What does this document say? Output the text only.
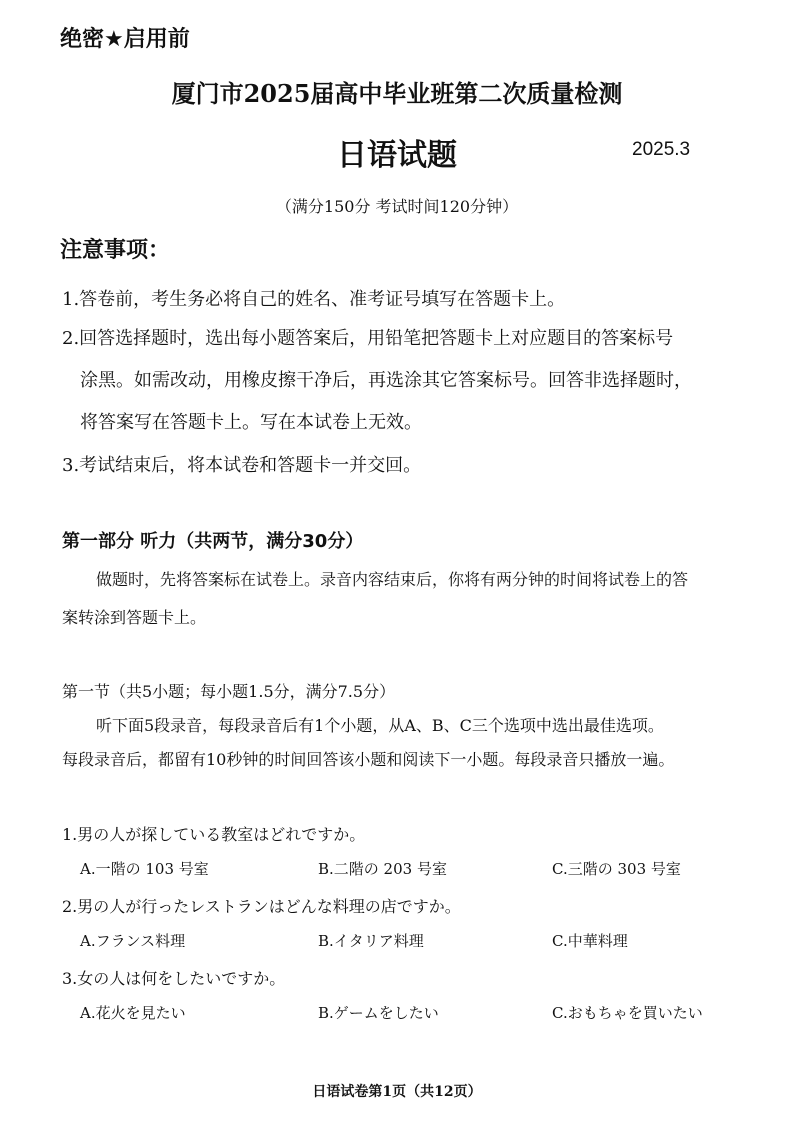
绝密★启用前
厦门市2025届高中毕业班第二次质量检测
日语试题	2025.3
（满分150分 考试时间120分钟）
注意事项：
1.答卷前，考生务必将自己的姓名、准考证号填写在答题卡上。
2.回答选择题时，选出每小题答案后，用铅笔把答题卡上对应题目的答案标号
涂黑。如需改动，用橡皮擦干净后，再选涂其它答案标号。回答非选择题时，
将答案写在答题卡上。写在本试卷上无效。
3.考试结束后，将本试卷和答题卡一并交回。
第一部分 听力（共两节，满分30分）
做题时，先将答案标在试卷上。录音内容结束后，你将有两分钟的时间将试卷上的答
案转涂到答题卡上。
第一节（共5小题；每小题1.5分，满分7.5分）
听下面5段录音，每段录音后有1个小题，从A、B、C三个选项中选出最佳选项。
每段录音后，都留有10秒钟的时间回答该小题和阅读下一小题。每段录音只播放一遍。
1.男の人が探している教室はどれですか。
A.一階の 103 号室	B.二階の 203 号室	C.三階の 303 号室
2.男の人が行ったレストランはどんな料理の店ですか。
A.フランス料理	B.イタリア料理	C.中華料理
3.女の人は何をしたいですか。
A.花火を見たい	B.ゲームをしたい	C.おもちゃを買いたい
日语试卷第1页（共12页）
